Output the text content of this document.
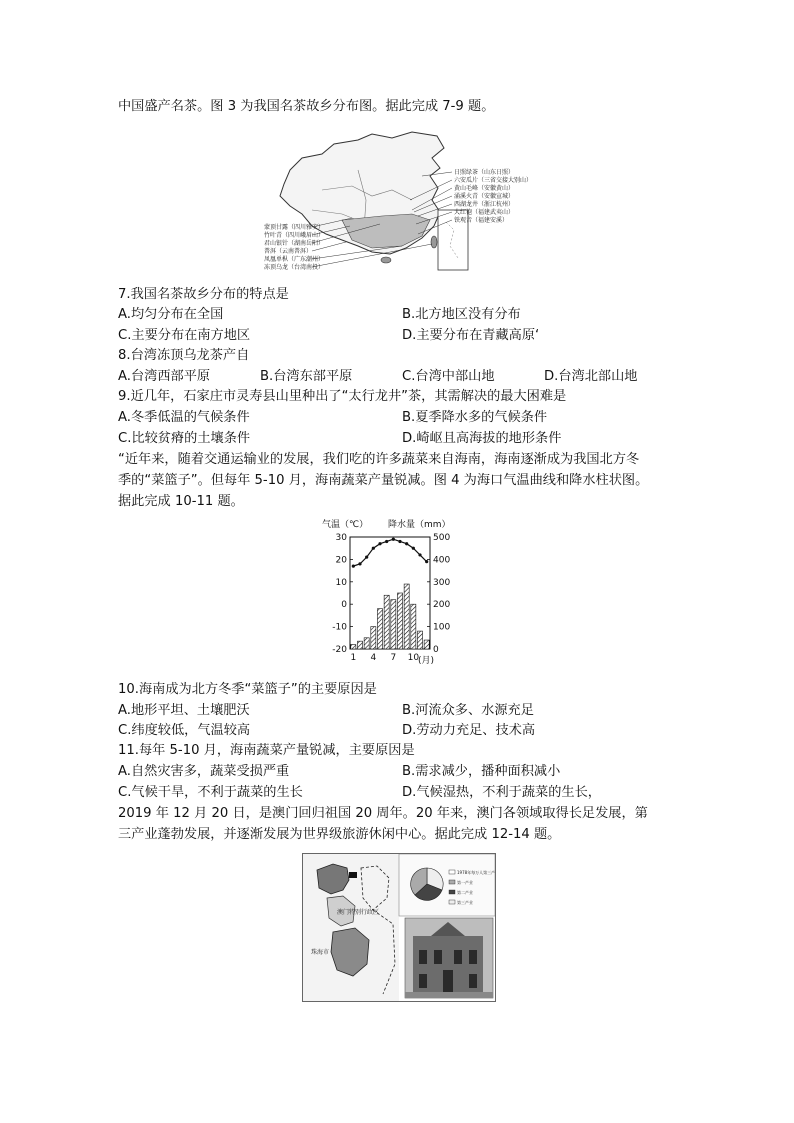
中国盛产名茶。图 3 为我国名茶故乡分布图。据此完成 7-9 题。
日照绿茶（山东日照）
六安瓜片（三省交接大别山）
黄山毛峰（安徽黄山）
涌溪火青（安徽宣城）
西湖龙井（浙江杭州）
大红袍（福建武夷山）
铁观音（福建安溪）
蒙顶甘露（四川雅安）
竹叶青（四川峨眉山）
君山银针（湖南岳阳）
普洱（云南普洱）
凤凰单枞（广东潮州）
冻顶乌龙（台湾南投）
7.我国名茶故乡分布的特点是
A.均匀分布在全国	B.北方地区没有分布
C.主要分布在南方地区	D.主要分布在青藏高原‘
8.台湾冻顶乌龙茶产自
A.台湾西部平原	B.台湾东部平原	C.台湾中部山地	D.台湾北部山地
9.近几年，石家庄市灵寿县山里种出了“太行龙井”茶，其需解决的最大困难是
A.冬季低温的气候条件	B.夏季降水多的气候条件
C.比较贫瘠的土壤条件	D.崎岖且高海拔的地形条件
“近年来，随着交通运输业的发展，我们吃的许多蔬菜来自海南，海南逐渐成为我国北方冬
季的“菜篮子”。但每年 5-10 月，海南蔬菜产量锐减。图 4 为海口气温曲线和降水柱状图。
据此完成 10-11 题。
气温（℃） 降水量（mm）
30
20
10
0
-10
-20
500
400
300
200
100
0
1 4 7 10
(月)
10.海南成为北方冬季“菜篮子”的主要原因是
A.地形平坦、土壤肥沃	B.河流众多、水源充足
C.纬度较低，气温较高	D.劳动力充足、技术高
11.每年 5-10 月，海南蔬菜产量锐减，主要原因是
A.自然灾害多，蔬菜受损严重	B.需求减少，播种面积减小
C.气候干旱，不利于蔬菜的生长	D.气候湿热，不利于蔬菜的生长，
2019 年 12 月 20 日，是澳门回归祖国 20 周年。20 年来，澳门各领域取得长足发展，第
三产业蓬勃发展，并逐渐发展为世界级旅游休闲中心。据此完成 12-14 题。
澳门特别行政区
珠海市
1978年每万人第三产业
第一产业
第二产业
第三产业
